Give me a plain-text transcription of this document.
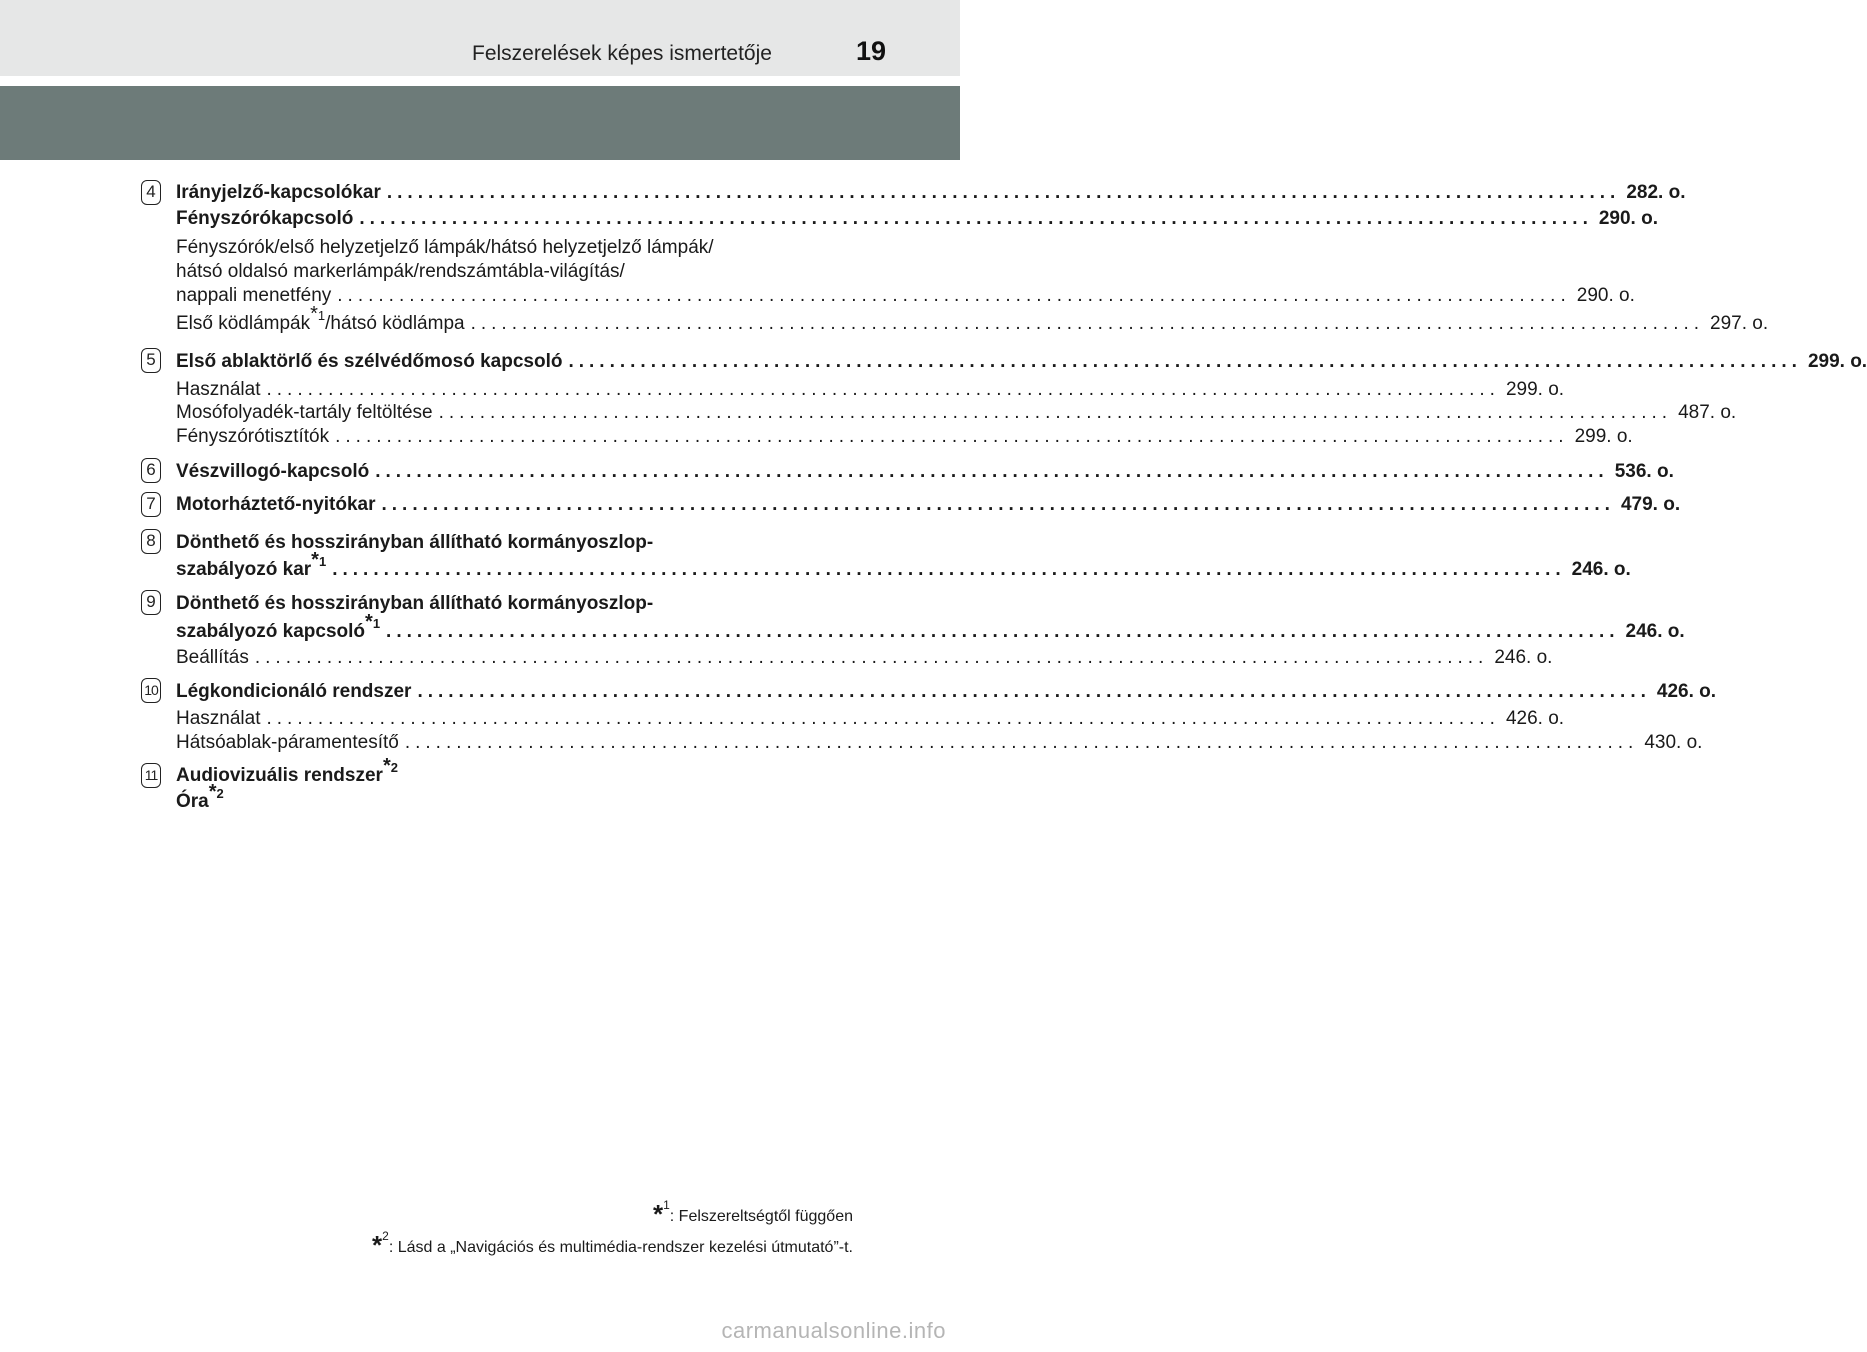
Felszerelések képes ismertetője	19
4 Irányjelző-kapcsolókar ........................................................................................................................ 282. o.
Fényszórókapcsoló ........................................................................................................................ 290. o.
Fényszórók/első helyzetjelző lámpák/hátsó helyzetjelző lámpák/
hátsó oldalsó markerlámpák/rendszámtábla-világítás/
nappali menetfény ........................................................................................................................ 290. o.
Első ködlámpák$^{*1}$/hátsó ködlámpa ........................................................................................................................ 297. o.
5 Első ablaktörlő és szélvédőmosó kapcsoló ........................................................................................................................ 299. o.
Használat ........................................................................................................................ 299. o.
Mosófolyadék-tartály feltöltése ........................................................................................................................ 487. o.
Fényszórótisztítók ........................................................................................................................ 299. o.
6 Vészvillogó-kapcsoló ........................................................................................................................ 536. o.
7 Motorháztető-nyitókar ........................................................................................................................ 479. o.
8 Dönthető és hosszirányban állítható kormányoszlop-
szabályozó kar$^{*1}$ ........................................................................................................................ 246. o.
9 Dönthető és hosszirányban állítható kormányoszlop-
szabályozó kapcsoló$^{*1}$ ........................................................................................................................ 246. o.
Beállítás ........................................................................................................................ 246. o.
10 Légkondicionáló rendszer ........................................................................................................................ 426. o.
Használat ........................................................................................................................ 426. o.
Hátsóablak-páramentesítő ........................................................................................................................ 430. o.
11 Audiovizuális rendszer$^{*2}$
Óra$^{*2}$
*$^1$: Felszereltségtől függően
*$^2$: Lásd a „Navigációs és multimédia-rendszer kezelési útmutató”-t.
carmanualsonline.info
